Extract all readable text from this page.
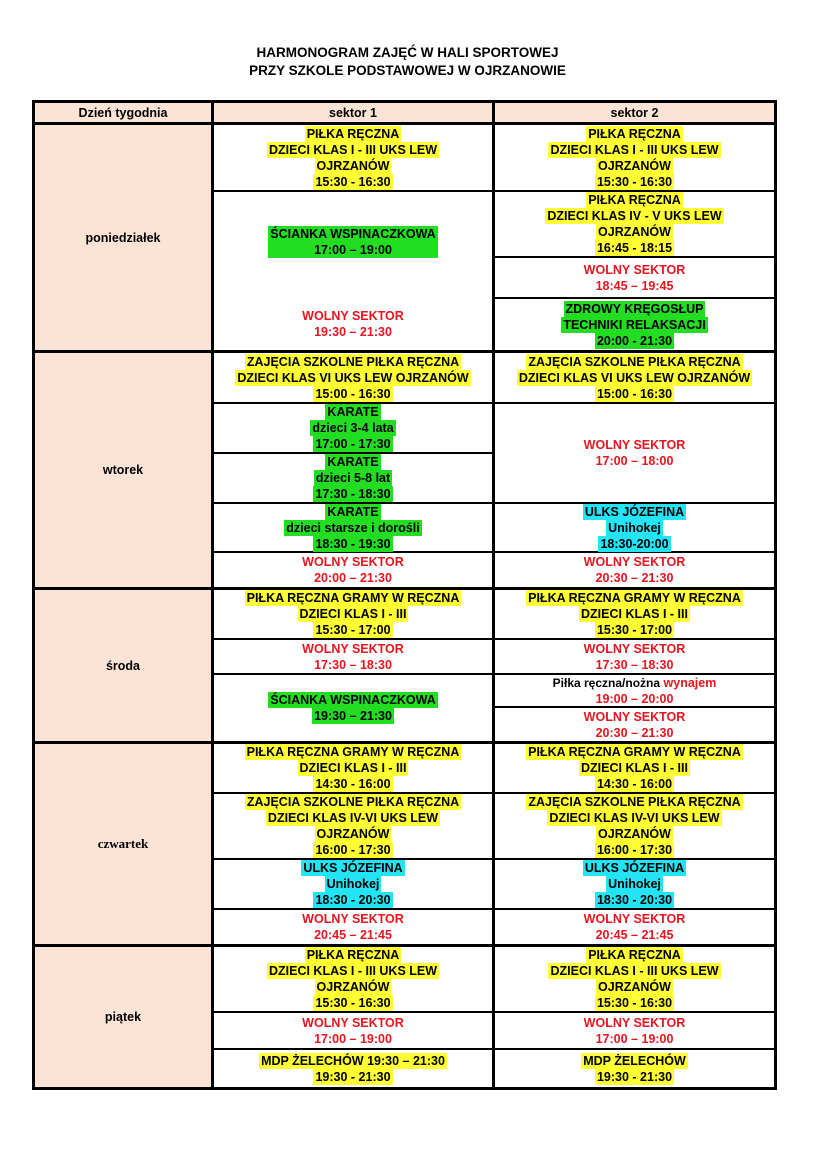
HARMONOGRAM ZAJĘĆ W HALI SPORTOWEJ
PRZY SZKOLE PODSTAWOWEJ W OJRZANOWIE
Dzień tygodnia	sektor 1	sektor 2
poniedziałek
PIŁKA RĘCZNA
DZIECI KLAS I - III UKS LEW
OJRZANÓW
15:30 - 16:30
ŚCIANKA WSPINACZKOWA
17:00 – 19:00
WOLNY SEKTOR
19:30 – 21:30
PIŁKA RĘCZNA
DZIECI KLAS I - III UKS LEW
OJRZANÓW
15:30 - 16:30
PIŁKA RĘCZNA
DZIECI KLAS IV - V UKS LEW
OJRZANÓW
16:45 - 18:15
WOLNY SEKTOR
18:45 – 19:45
ZDROWY KRĘGOSŁUP
TECHNIKI RELAKSACJI
20:00 - 21:30
wtorek
ZAJĘCIA SZKOLNE PIŁKA RĘCZNA
DZIECI KLAS VI UKS LEW OJRZANÓW
15:00 - 16:30
KARATE
dzieci 3-4 lata
17:00 - 17:30
KARATE
dzieci 5-8 lat
17:30 - 18:30
KARATE
dzieci starsze i dorośli
18:30 - 19:30
WOLNY SEKTOR
20:00 – 21:30
ZAJĘCIA SZKOLNE PIŁKA RĘCZNA
DZIECI KLAS VI UKS LEW OJRZANÓW
15:00 - 16:30
WOLNY SEKTOR
17:00 – 18:00
ULKS JÓZEFINA
Unihokej
18:30-20:00
WOLNY SEKTOR
20:30 – 21:30
środa
PIŁKA RĘCZNA GRAMY W RĘCZNA
DZIECI KLAS I - III
15:30 - 17:00
WOLNY SEKTOR
17:30 – 18:30
ŚCIANKA WSPINACZKOWA
19:30 – 21:30
PIŁKA RĘCZNA GRAMY W RĘCZNA
DZIECI KLAS I - III
15:30 - 17:00
WOLNY SEKTOR
17:30 – 18:30
Piłka ręczna/nożna wynajem
19:00 – 20:00
WOLNY SEKTOR
20:30 – 21:30
czwartek
PIŁKA RĘCZNA GRAMY W RĘCZNA
DZIECI KLAS I - III
14:30 - 16:00
ZAJĘCIA SZKOLNE PIŁKA RĘCZNA
DZIECI KLAS IV-VI UKS LEW
OJRZANÓW
16:00 - 17:30
ULKS JÓZEFINA
Unihokej
18:30 - 20:30
WOLNY SEKTOR
20:45 – 21:45
PIŁKA RĘCZNA GRAMY W RĘCZNA
DZIECI KLAS I - III
14:30 - 16:00
ZAJĘCIA SZKOLNE PIŁKA RĘCZNA
DZIECI KLAS IV-VI UKS LEW
OJRZANÓW
16:00 - 17:30
ULKS JÓZEFINA
Unihokej
18:30 - 20:30
WOLNY SEKTOR
20:45 – 21:45
piątek
PIŁKA RĘCZNA
DZIECI KLAS I - III UKS LEW
OJRZANÓW
15:30 - 16:30
WOLNY SEKTOR
17:00 – 19:00
MDP ŻELECHÓW 19:30 – 21:30
19:30 - 21:30
PIŁKA RĘCZNA
DZIECI KLAS I - III UKS LEW
OJRZANÓW
15:30 - 16:30
WOLNY SEKTOR
17:00 – 19:00
MDP ŻELECHÓW
19:30 - 21:30
